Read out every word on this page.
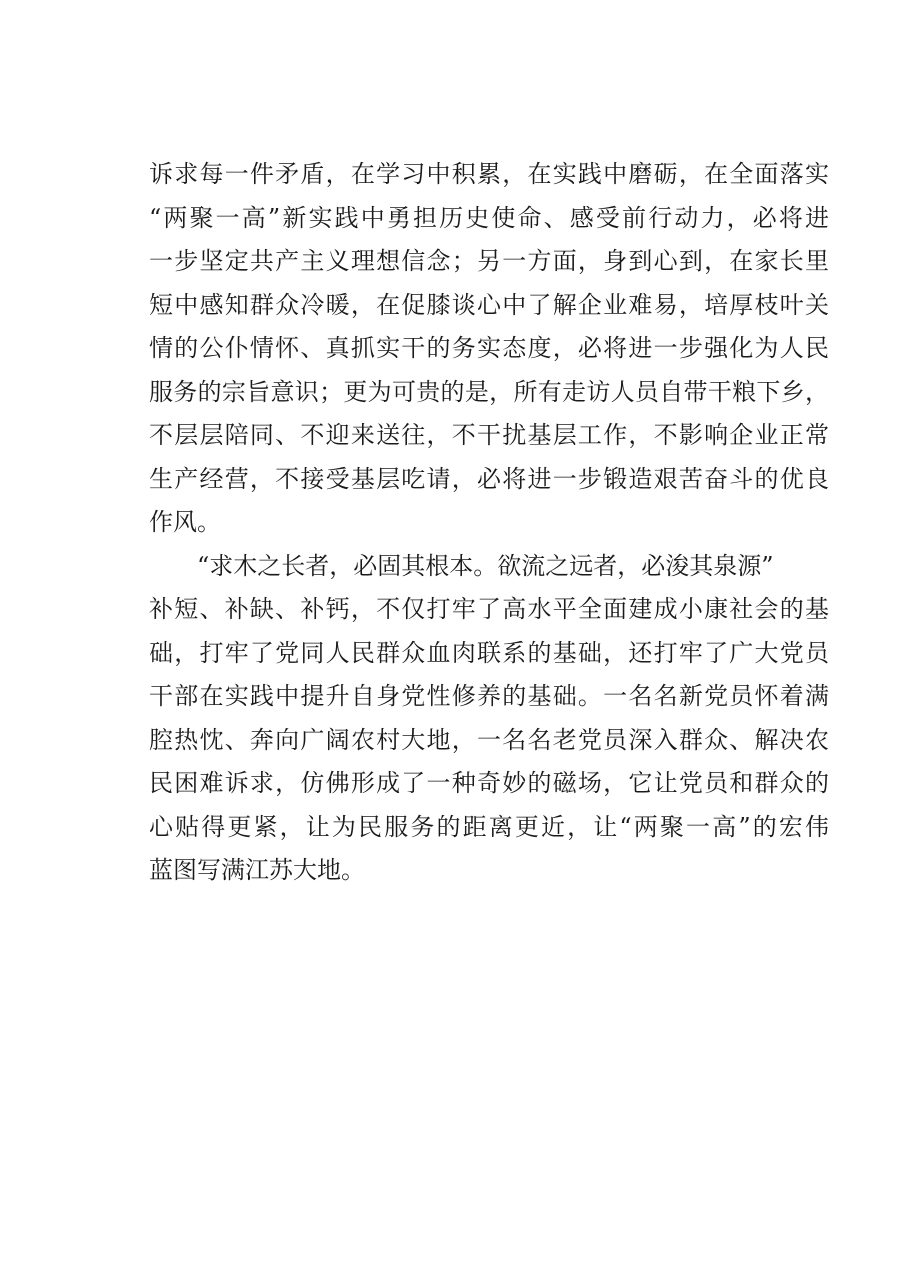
诉求每一件矛盾，在学习中积累，在实践中磨砺，在全面落实
“两聚一高”新实践中勇担历史使命、感受前行动力，必将进
一步坚定共产主义理想信念；另一方面，身到心到，在家长里
短中感知群众冷暖，在促膝谈心中了解企业难易，培厚枝叶关
情的公仆情怀、真抓实干的务实态度，必将进一步强化为人民
服务的宗旨意识；更为可贵的是，所有走访人员自带干粮下乡，
不层层陪同、不迎来送往，不干扰基层工作，不影响企业正常
生产经营，不接受基层吃请，必将进一步锻造艰苦奋斗的优良
作风。
“求木之长者，必固其根本。欲流之远者，必浚其泉源”
补短、补缺、补钙，不仅打牢了高水平全面建成小康社会的基
础，打牢了党同人民群众血肉联系的基础，还打牢了广大党员
干部在实践中提升自身党性修养的基础。一名名新党员怀着满
腔热忱、奔向广阔农村大地，一名名老党员深入群众、解决农
民困难诉求，仿佛形成了一种奇妙的磁场，它让党员和群众的
心贴得更紧，让为民服务的距离更近，让“两聚一高”的宏伟
蓝图写满江苏大地。
